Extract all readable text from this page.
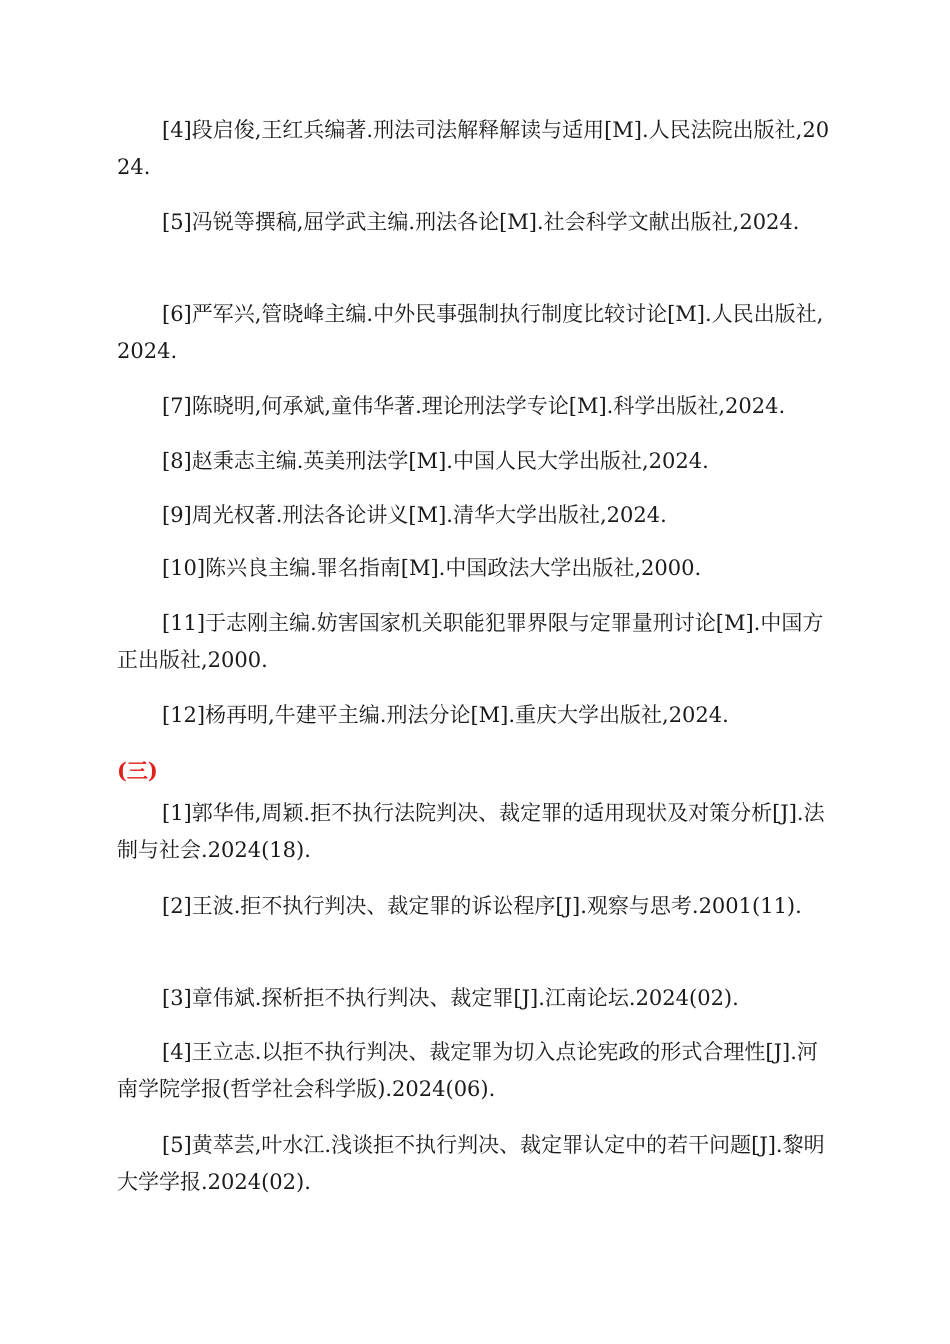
[4]段启俊,王红兵编著.刑法司法解释解读与适用[M].人民法院出版社,2024.

[5]冯锐等撰稿,屈学武主编.刑法各论[M].社会科学文献出版社,2024.

[6]严军兴,管晓峰主编.中外民事强制执行制度比较讨论[M].人民出版社,2024.

[7]陈晓明,何承斌,童伟华著.理论刑法学专论[M].科学出版社,2024.

[8]赵秉志主编.英美刑法学[M].中国人民大学出版社,2024.

[9]周光权著.刑法各论讲义[M].清华大学出版社,2024.

[10]陈兴良主编.罪名指南[M].中国政法大学出版社,2000.

[11]于志刚主编.妨害国家机关职能犯罪界限与定罪量刑讨论[M].中国方正出版社,2000.

[12]杨再明,牛建平主编.刑法分论[M].重庆大学出版社,2024.

(三)

[1]郭华伟,周颖.拒不执行法院判决、裁定罪的适用现状及对策分析[J].法制与社会.2024(18).

[2]王波.拒不执行判决、裁定罪的诉讼程序[J].观察与思考.2001(11).

[3]章伟斌.探析拒不执行判决、裁定罪[J].江南论坛.2024(02).

[4]王立志.以拒不执行判决、裁定罪为切入点论宪政的形式合理性[J].河南学院学报(哲学社会科学版).2024(06).

[5]黄萃芸,叶水江.浅谈拒不执行判决、裁定罪认定中的若干问题[J].黎明大学学报.2024(02).
